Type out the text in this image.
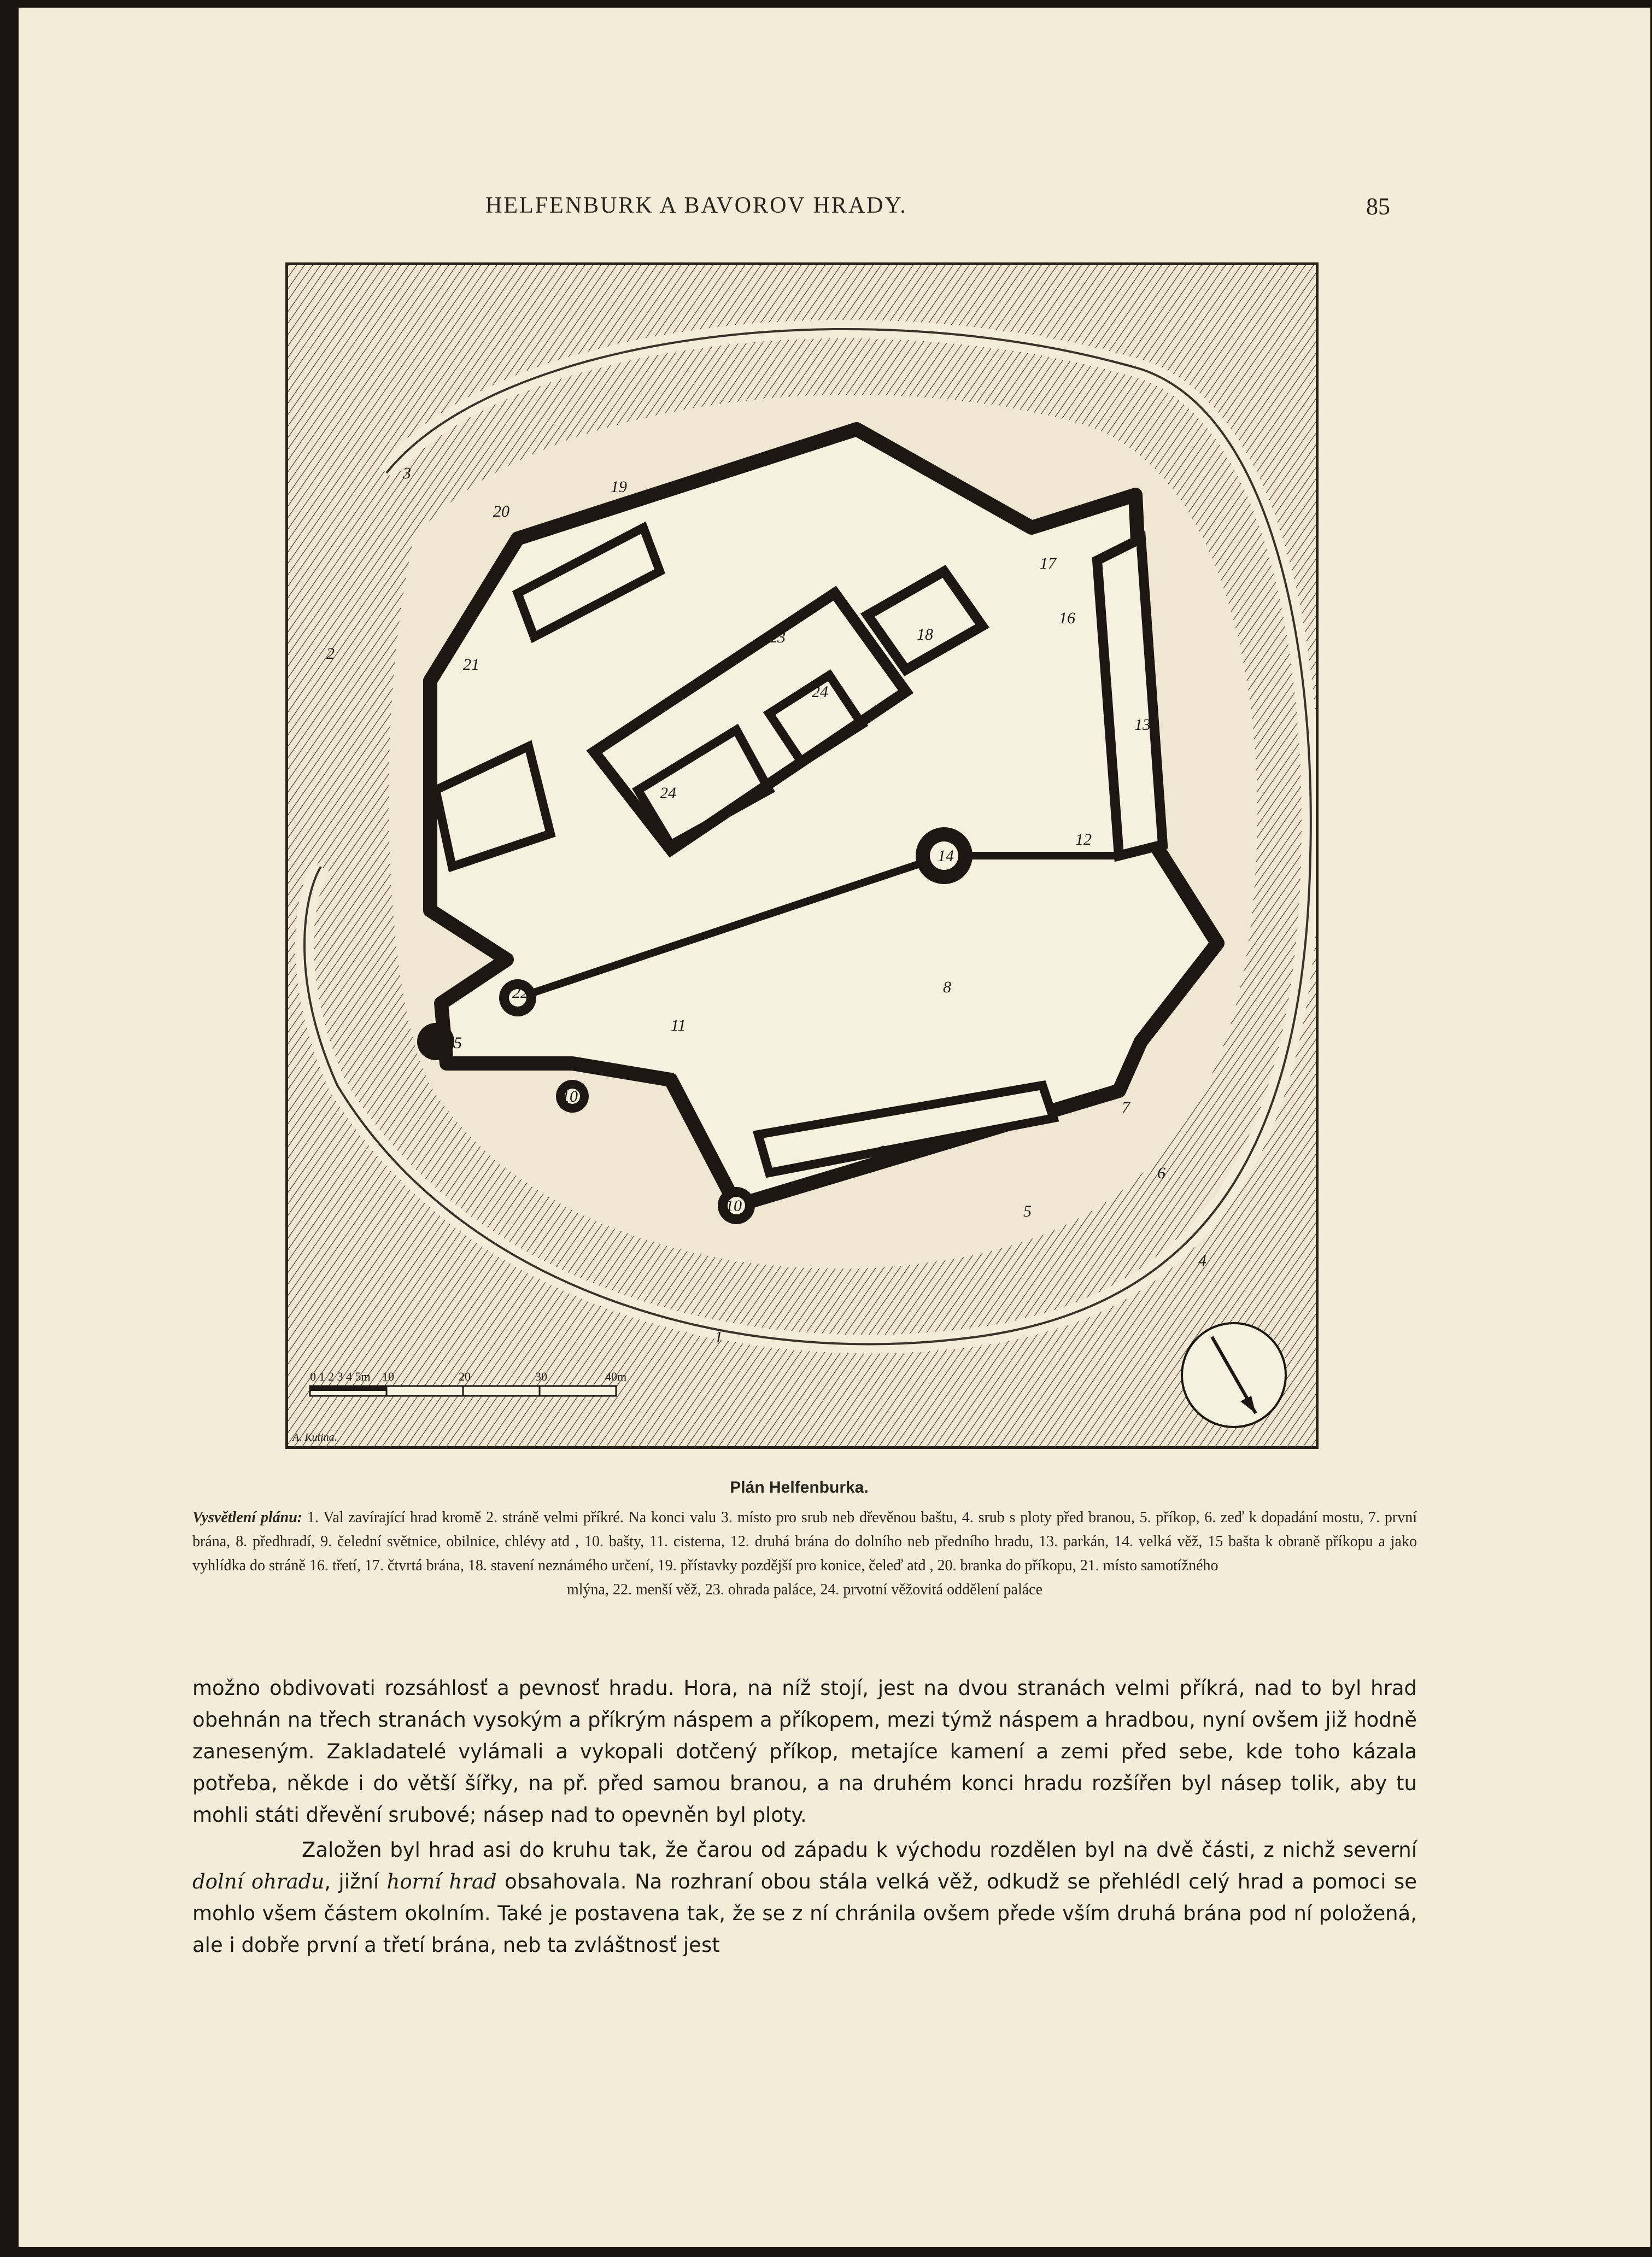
HELFENBURK A BAVOROV HRADY.	85
0 1 2 3 4 5m 10	20	30	40m
A. Kutina.
1
2
3
4
5
6
7
8
9
10
10
11
12
13
14
15
16
17
18
19
20
21
22
23
24
24
Plán Helfenburka.
Vysvětlení plánu: 1. Val zavírající hrad kromě 2. stráně velmi příkré. Na konci valu 3. místo pro srub neb dřevěnou baštu, 4. srub s ploty před branou, 5. příkop, 6. zeď k dopadání mostu, 7. první brána, 8. předhradí, 9. čelední světnice, obilnice, chlévy atd , 10. bašty, 11. cisterna, 12. druhá brána do dolního neb předního hradu, 13. parkán, 14. velká věž, 15 bašta k obraně příkopu a jako vyhlídka do stráně 16. třetí, 17. čtvrtá brána, 18. stavení neznámého určení, 19. přístavky pozdější pro konice, čeleď atd , 20. branka do příkopu, 21. místo samotížného
mlýna, 22. menší věž, 23. ohrada paláce, 24. prvotní věžovitá oddělení paláce

možno obdivovati rozsáhlosť a pevnosť hradu. Hora, na níž stojí, jest na dvou stranách velmi příkrá, nad to byl hrad obehnán na třech stranách vysokým a příkrým náspem a příkopem, mezi týmž náspem a hradbou, nyní ovšem již hodně zaneseným. Zakladatelé vylámali a vykopali dotčený příkop, metajíce kamení a zemi před sebe, kde toho kázala potřeba, někde i do větší šířky, na př. před samou branou, a na druhém konci hradu rozšířen byl násep tolik, aby tu mohli státi dřevění srubové; násep nad to opevněn byl ploty.

Založen byl hrad asi do kruhu tak, že čarou od západu k východu rozdělen byl na dvě části, z nichž severní dolní ohradu, jižní horní hrad obsahovala. Na rozhraní obou stála velká věž, odkudž se přehlédl celý hrad a pomoci se mohlo všem částem okolním. Také je postavena tak, že se z ní chránila ovšem přede vším druhá brána pod ní položená, ale i dobře první a třetí brána, neb ta zvláštnosť jest
